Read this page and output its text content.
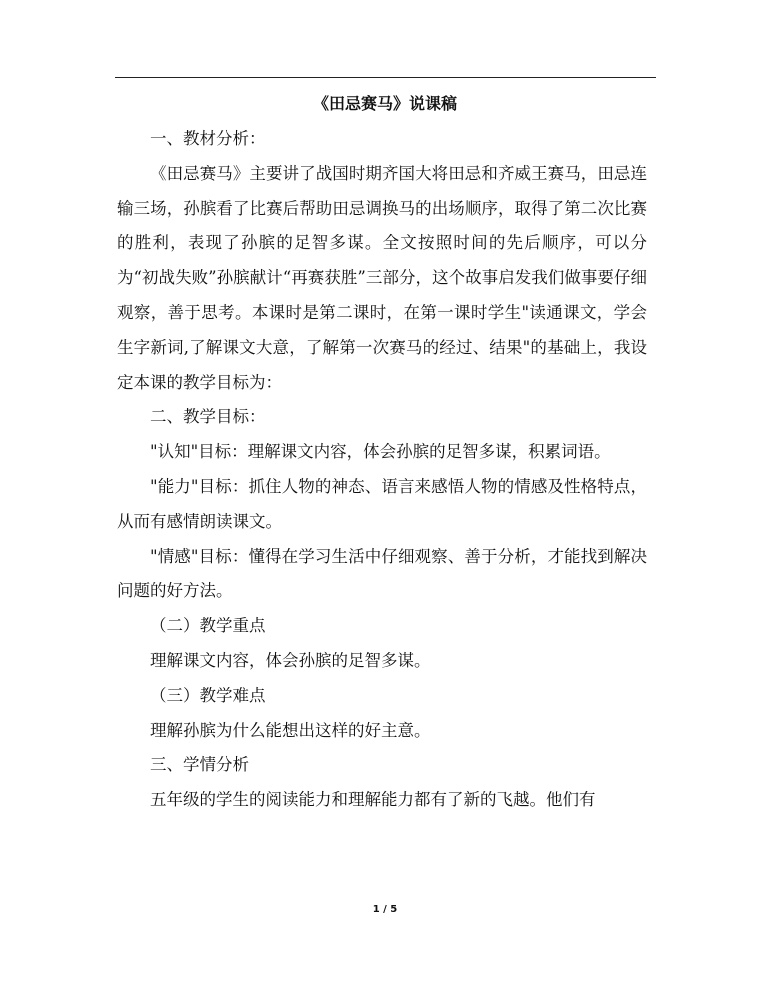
《田忌赛马》说课稿

一、教材分析：

《田忌赛马》主要讲了战国时期齐国大将田忌和齐威王赛马，田忌连输三场，孙膑看了比赛后帮助田忌调换马的出场顺序，取得了第二次比赛的胜利，表现了孙膑的足智多谋。全文按照时间的先后顺序，可以分为“初战失败”孙膑献计“再赛获胜”三部分，这个故事启发我们做事要仔细观察，善于思考。本课时是第二课时，在第一课时学生"读通课文，学会生字新词,了解课文大意，了解第一次赛马的经过、结果"的基础上，我设定本课的教学目标为：

二、教学目标：

"认知"目标：理解课文内容，体会孙膑的足智多谋，积累词语。

"能力"目标：抓住人物的神态、语言来感悟人物的情感及性格特点，从而有感情朗读课文。

"情感"目标：懂得在学习生活中仔细观察、善于分析，才能找到解决问题的好方法。

（二）教学重点

理解课文内容，体会孙膑的足智多谋。

（三）教学难点

理解孙膑为什么能想出这样的好主意。

三、学情分析

五年级的学生的阅读能力和理解能力都有了新的飞越。他们有

1 / 5
